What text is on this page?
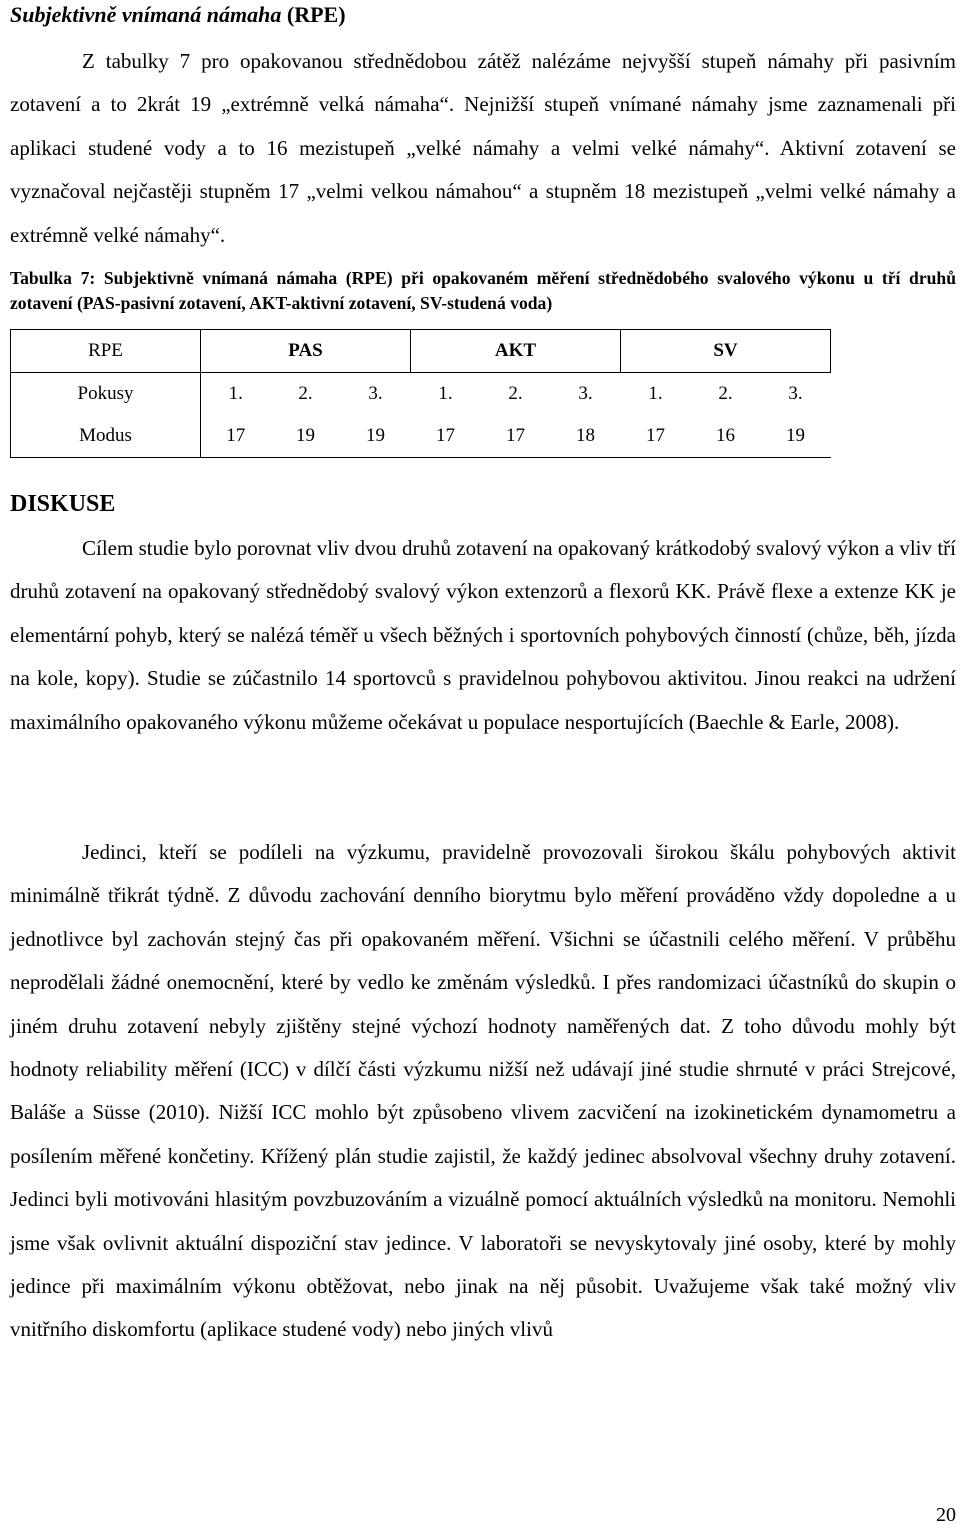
Subjektivně vnímaná námaha (RPE)

Z tabulky 7 pro opakovanou střednědobou zátěž nalézáme nejvyšší stupeň námahy při pasivním zotavení a to 2krát 19 „extrémně velká námaha“. Nejnižší stupeň vnímané námahy jsme zaznamenali při aplikaci studené vody a to 16 mezistupeň „velké námahy a velmi velké námahy“. Aktivní zotavení se vyznačoval nejčastěji stupněm 17 „velmi velkou námahou“ a stupněm 18 mezistupeň „velmi velké námahy a extrémně velké námahy“.

Tabulka 7: Subjektivně vnímaná námaha (RPE) při opakovaném měření střednědobého svalového výkonu u tří druhů zotavení (PAS-pasivní zotavení, AKT-aktivní zotavení, SV-studená voda)

RPE	PAS			AKT			SV		
Pokusy	1.	2.	3.	1.	2.	3.	1.	2.	3.
Modus	17	19	19	17	17	18	17	16	19
DISKUSE

Cílem studie bylo porovnat vliv dvou druhů zotavení na opakovaný krátkodobý svalový výkon a vliv tří druhů zotavení na opakovaný střednědobý svalový výkon extenzorů a flexorů KK. Právě flexe a extenze KK je elementární pohyb, který se nalézá téměř u všech běžných i sportovních pohybových činností (chůze, běh, jízda na kole, kopy). Studie se zúčastnilo 14 sportovců s pravidelnou pohybovou aktivitou. Jinou reakci na udržení maximálního opakovaného výkonu můžeme očekávat u populace nesportujících (Baechle & Earle, 2008).

Jedinci, kteří se podíleli na výzkumu, pravidelně provozovali širokou škálu pohybových aktivit minimálně třikrát týdně. Z důvodu zachování denního biorytmu bylo měření prováděno vždy dopoledne a u jednotlivce byl zachován stejný čas při opakovaném měření. Všichni se účastnili celého měření. V průběhu neprodělali žádné onemocnění, které by vedlo ke změnám výsledků. I přes randomizaci účastníků do skupin o jiném druhu zotavení nebyly zjištěny stejné výchozí hodnoty naměřených dat. Z toho důvodu mohly být hodnoty reliability měření (ICC) v dílčí části výzkumu nižší než udávají jiné studie shrnuté v práci Strejcové, Baláše a Süsse (2010). Nižší ICC mohlo být způsobeno vlivem zacvičení na izokinetickém dynamometru a posílením měřené končetiny. Křížený plán studie zajistil, že každý jedinec absolvoval všechny druhy zotavení. Jedinci byli motivováni hlasitým povzbuzováním a vizuálně pomocí aktuálních výsledků na monitoru. Nemohli jsme však ovlivnit aktuální dispoziční stav jedince. V laboratoři se nevyskytovaly jiné osoby, které by mohly jedince při maximálním výkonu obtěžovat, nebo jinak na něj působit. Uvažujeme však také možný vliv vnitřního diskomfortu (aplikace studené vody) nebo jiných vlivů

20
